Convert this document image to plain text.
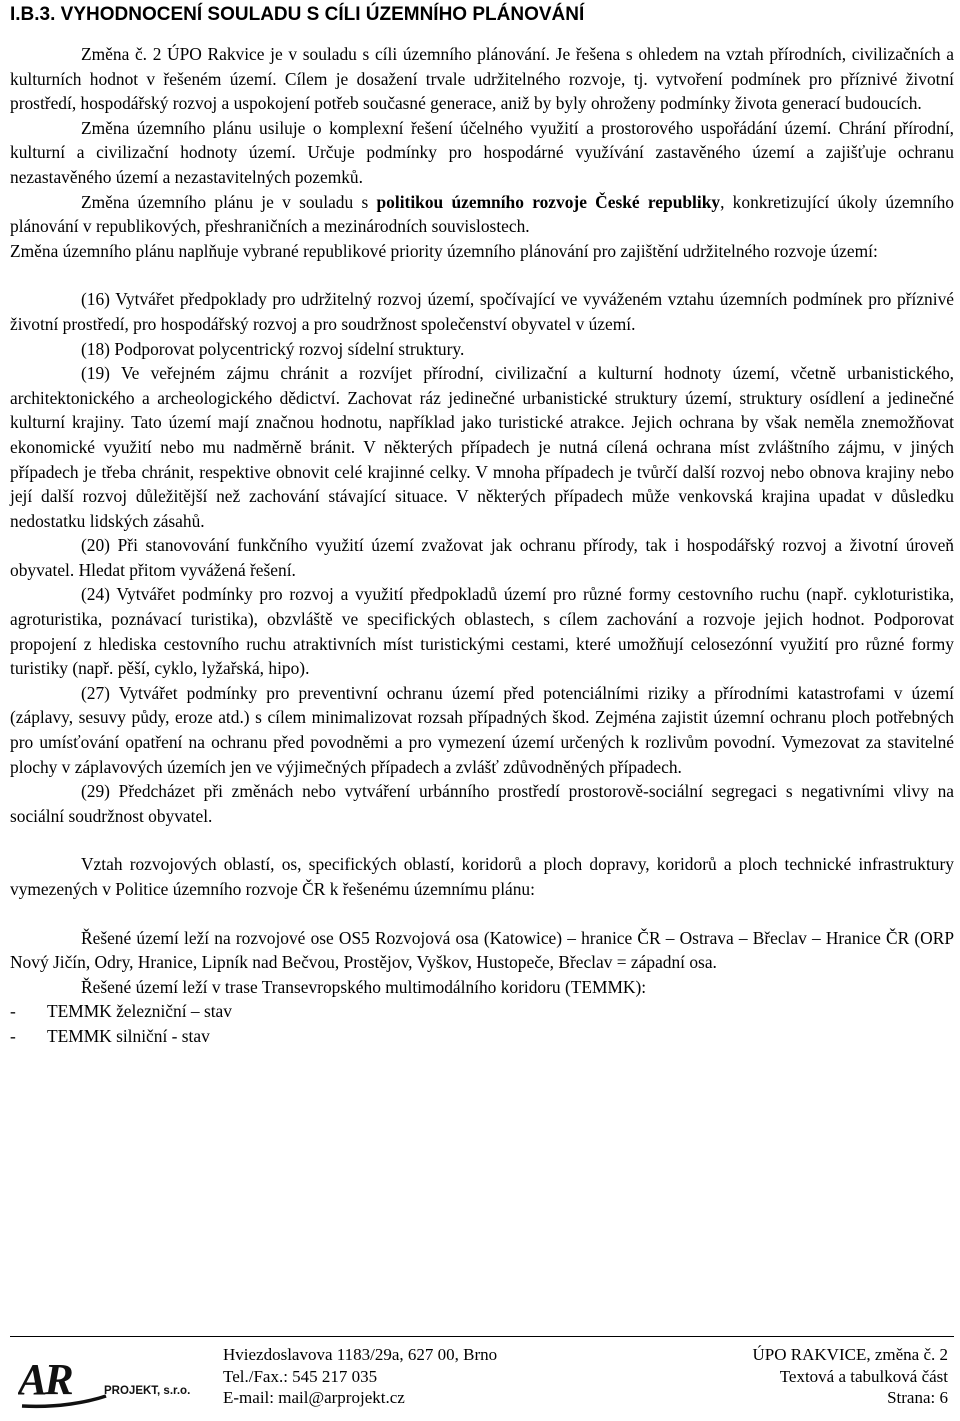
I.B.3. VYHODNOCENÍ SOULADU S CÍLI ÚZEMNÍHO PLÁNOVÁNÍ

Změna č. 2 ÚPO Rakvice je v souladu s cíli územního plánování. Je řešena s ohledem na vztah přírodních, civilizačních a kulturních hodnot v řešeném území. Cílem je dosažení trvale udržitelného rozvoje, tj. vytvoření podmínek pro příznivé životní prostředí, hospodářský rozvoj a uspokojení potřeb současné generace, aniž by byly ohroženy podmínky života generací budoucích.

Změna územního plánu usiluje o komplexní řešení účelného využití a prostorového uspořádání území. Chrání přírodní, kulturní a civilizační hodnoty území. Určuje podmínky pro hospodárné využívání zastavěného území a zajišťuje ochranu nezastavěného území a nezastavitelných pozemků.

Změna územního plánu je v souladu s politikou územního rozvoje České republiky, konkretizující úkoly územního plánování v republikových, přeshraničních a mezinárodních souvislostech.

Změna územního plánu naplňuje vybrané republikové priority územního plánování pro zajištění udržitelného rozvoje území:

(16) Vytvářet předpoklady pro udržitelný rozvoj území, spočívající ve vyváženém vztahu územních podmínek pro příznivé životní prostředí, pro hospodářský rozvoj a pro soudržnost společenství obyvatel v území.

(18) Podporovat polycentrický rozvoj sídelní struktury.

(19) Ve veřejném zájmu chránit a rozvíjet přírodní, civilizační a kulturní hodnoty území, včetně urbanistického, architektonického a archeologického dědictví. Zachovat ráz jedinečné urbanistické struktury území, struktury osídlení a jedinečné kulturní krajiny. Tato území mají značnou hodnotu, například jako turistické atrakce. Jejich ochrana by však neměla znemožňovat ekonomické využití nebo mu nadměrně bránit. V některých případech je nutná cílená ochrana míst zvláštního zájmu, v jiných případech je třeba chránit, respektive obnovit celé krajinné celky. V mnoha případech je tvůrčí další rozvoj nebo obnova krajiny nebo její další rozvoj důležitější než zachování stávající situace. V některých případech může venkovská krajina upadat v důsledku nedostatku lidských zásahů.

(20) Při stanovování funkčního využití území zvažovat jak ochranu přírody, tak i hospodářský rozvoj a životní úroveň obyvatel. Hledat přitom vyvážená řešení.

(24) Vytvářet podmínky pro rozvoj a využití předpokladů území pro různé formy cestovního ruchu (např. cykloturistika, agroturistika, poznávací turistika), obzvláště ve specifických oblastech, s cílem zachování a rozvoje jejich hodnot. Podporovat propojení z hlediska cestovního ruchu atraktivních míst turistickými cestami, které umožňují celosezónní využití pro různé formy turistiky (např. pěší, cyklo, lyžařská, hipo).

(27) Vytvářet podmínky pro preventivní ochranu území před potenciálními riziky a přírodními katastrofami v území (záplavy, sesuvy půdy, eroze atd.) s cílem minimalizovat rozsah případných škod. Zejména zajistit územní ochranu ploch potřebných pro umísťování opatření na ochranu před povodněmi a pro vymezení území určených k rozlivům povodní. Vymezovat za stavitelné plochy v záplavových územích jen ve výjimečných případech a zvlášť zdůvodněných případech.

(29) Předcházet při změnách nebo vytváření urbánního prostředí prostorově-sociální segregaci s negativními vlivy na sociální soudržnost obyvatel.

Vztah rozvojových oblastí, os, specifických oblastí, koridorů a ploch dopravy, koridorů a ploch technické infrastruktury vymezených v Politice územního rozvoje ČR k řešenému územnímu plánu:

Řešené území leží na rozvojové ose OS5 Rozvojová osa (Katowice) – hranice ČR – Ostrava – Břeclav – Hranice ČR (ORP Nový Jičín, Odry, Hranice, Lipník nad Bečvou, Prostějov, Vyškov, Hustopeče, Břeclav = západní osa.

Řešené území leží v trase Transevropského multimodálního koridoru (TEMMK):

-	TEMMK železniční – stav
-	TEMMK silniční - stav
AR	PROJEKT, s.r.o.
Hviezdoslavova 1183/29a, 627 00, Brno
Tel./Fax.: 545 217 035
E-mail: mail@arprojekt.cz
ÚPO RAKVICE, změna č. 2
Textová a tabulková část
Strana: 6
